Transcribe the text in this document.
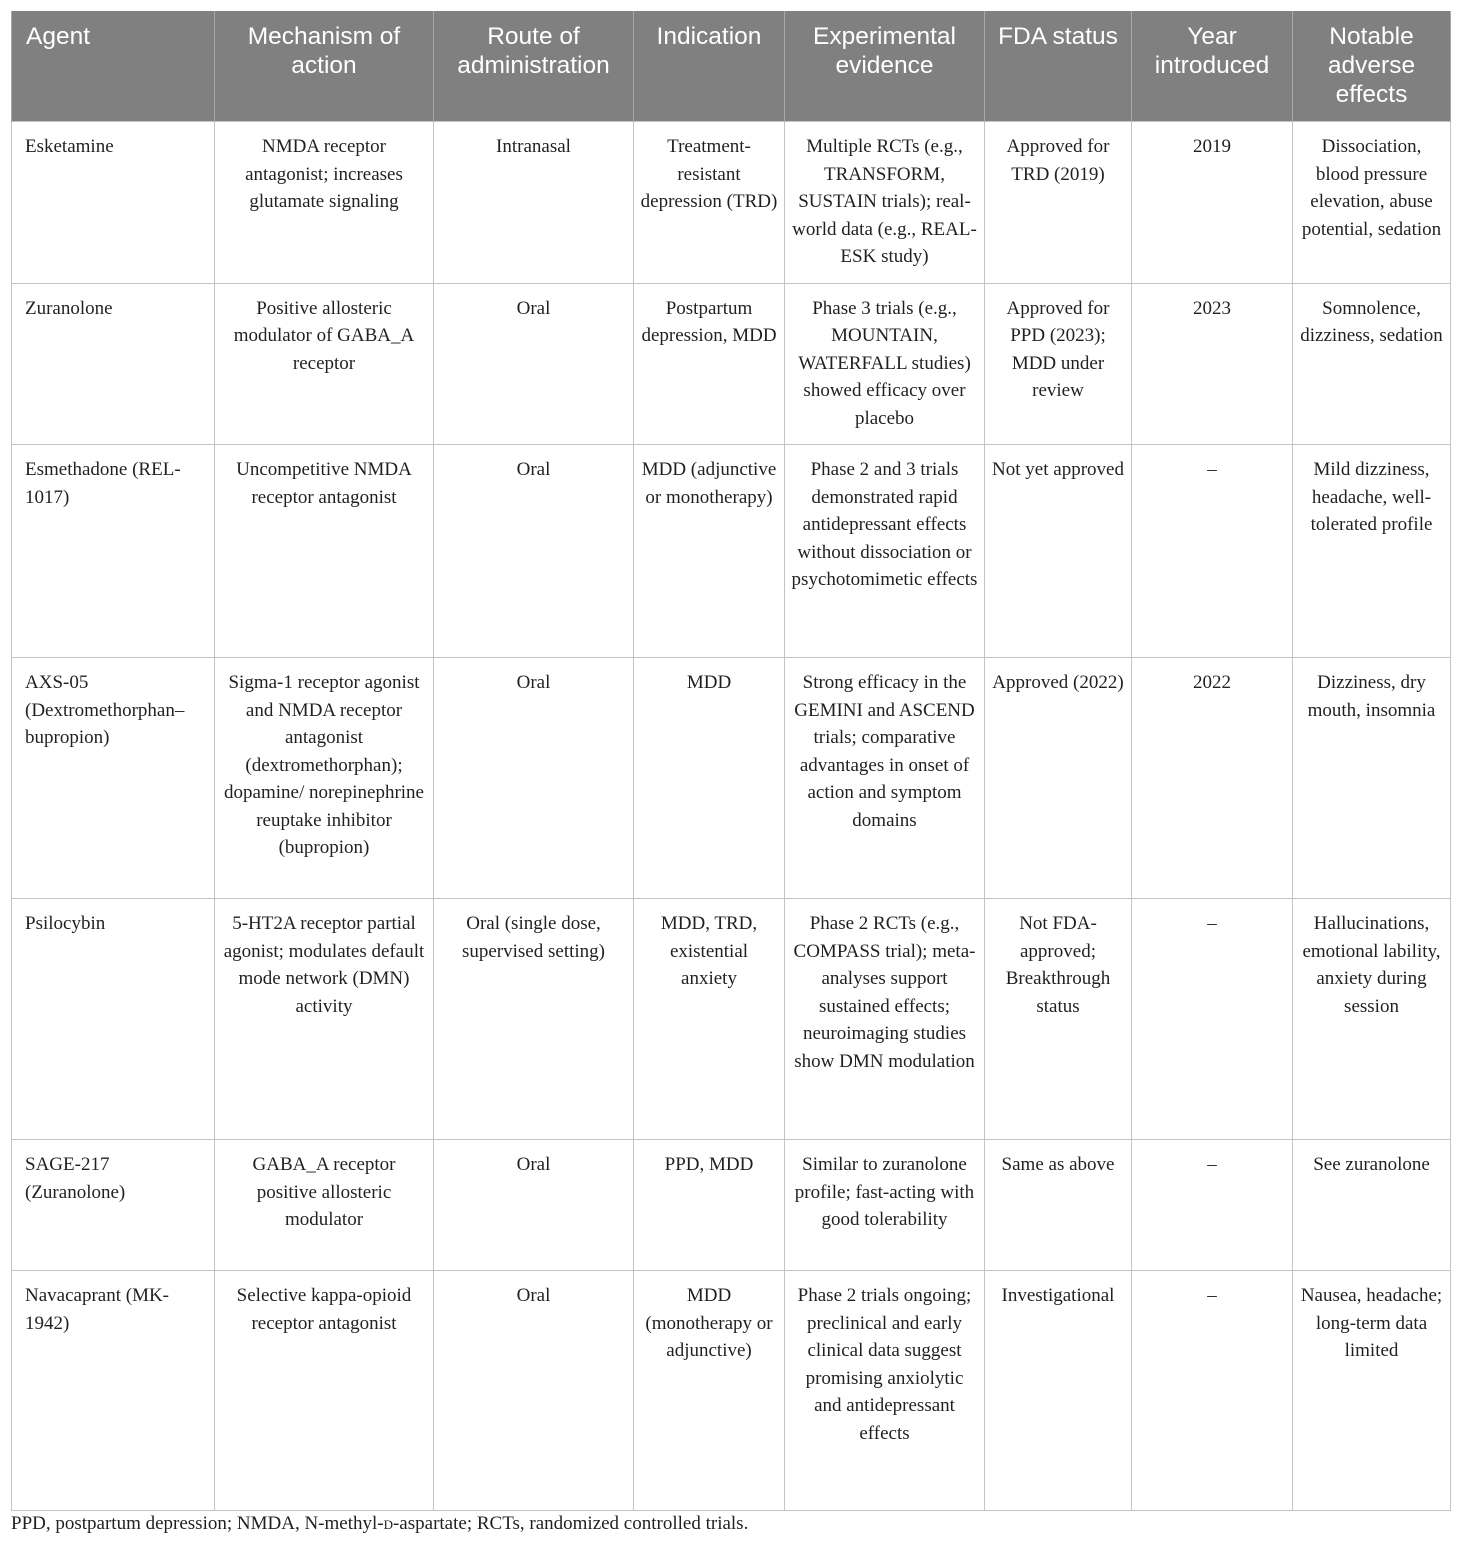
Agent	Mechanism of action	Route of administration	Indication	Experimental evidence	FDA status	Year introduced	Notable adverse effects
Esketamine	NMDA receptor antagonist; increases glutamate signaling	Intranasal	Treatment-resistant depression (TRD)	Multiple RCTs (e.g., TRANSFORM, SUSTAIN trials); real-world data (e.g., REAL-ESK study)	Approved for TRD (2019)	2019	Dissociation, blood pressure elevation, abuse potential, sedation
Zuranolone	Positive allosteric modulator of GABA_A receptor	Oral	Postpartum depression, MDD	Phase 3 trials (e.g., MOUNTAIN, WATERFALL studies) showed efficacy over placebo	Approved for PPD (2023); MDD under review	2023	Somnolence, dizziness, sedation
Esmethadone (REL-1017)	Uncompetitive NMDA receptor antagonist	Oral	MDD (adjunctive or monotherapy)	Phase 2 and 3 trials demonstrated rapid antidepressant effects without dissociation or psychotomimetic effects	Not yet approved	–	Mild dizziness, headache, well-tolerated profile
AXS-05 (Dextromethorphan–bupropion)	Sigma-1 receptor agonist and NMDA receptor antagonist (dextromethorphan); dopamine/ norepinephrine reuptake inhibitor (bupropion)	Oral	MDD	Strong efficacy in the GEMINI and ASCEND trials; comparative advantages in onset of action and symptom domains	Approved (2022)	2022	Dizziness, dry mouth, insomnia
Psilocybin	5-HT2A receptor partial agonist; modulates default mode network (DMN) activity	Oral (single dose, supervised setting)	MDD, TRD, existential anxiety	Phase 2 RCTs (e.g., COMPASS trial); meta-analyses support sustained effects; neuroimaging studies show DMN modulation	Not FDA-approved; Breakthrough status	–	Hallucinations, emotional lability, anxiety during session
SAGE-217 (Zuranolone)	GABA_A receptor positive allosteric modulator	Oral	PPD, MDD	Similar to zuranolone profile; fast-acting with good tolerability	Same as above	–	See zuranolone
Navacaprant (MK-1942)	Selective kappa-opioid receptor antagonist	Oral	MDD (monotherapy or adjunctive)	Phase 2 trials ongoing; preclinical and early clinical data suggest promising anxiolytic and antidepressant effects	Investigational	–	Nausea, headache; long-term data limited
PPD, postpartum depression; NMDA, N-methyl-d-aspartate; RCTs, randomized controlled trials.
